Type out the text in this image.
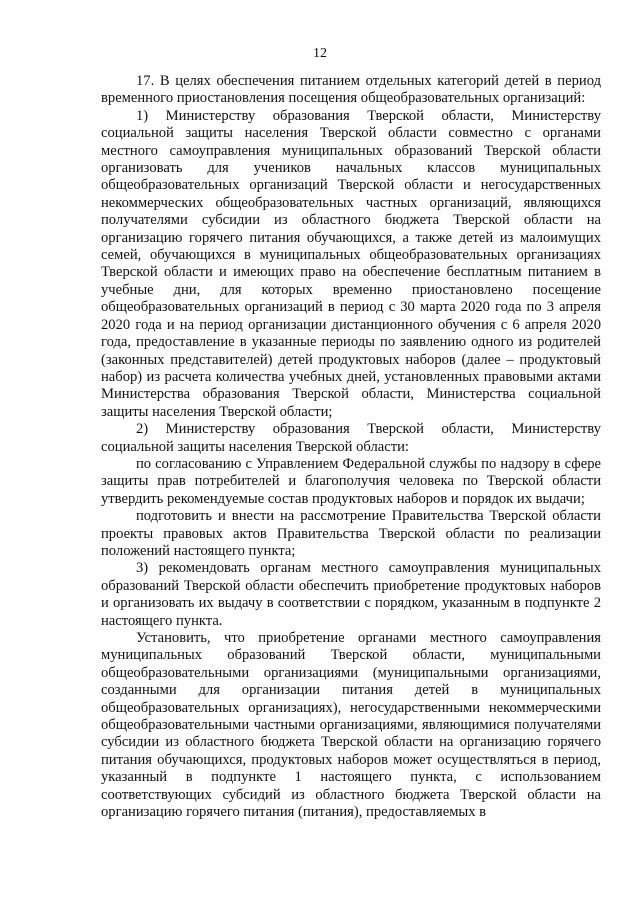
12

17. В целях обеспечения питанием отдельных категорий детей в период временного приостановления посещения общеобразовательных организаций:

1) Министерству образования Тверской области, Министерству социальной защиты населения Тверской области совместно с органами местного самоуправления муниципальных образований Тверской области организовать для учеников начальных классов муниципальных общеобразовательных организаций Тверской области и негосударственных некоммерческих общеобразовательных частных организаций, являющихся получателями субсидии из областного бюджета Тверской области на организацию горячего питания обучающихся, а также детей из малоимущих семей, обучающихся в муниципальных общеобразовательных организациях Тверской области и имеющих право на обеспечение бесплатным питанием в учебные дни, для которых временно приостановлено посещение общеобразовательных организаций в период с 30 марта 2020 года по 3 апреля 2020 года и на период организации дистанционного обучения с 6 апреля 2020 года, предоставление в указанные периоды по заявлению одного из родителей (законных представителей) детей продуктовых наборов (далее – продуктовый набор) из расчета количества учебных дней, установленных правовыми актами Министерства образования Тверской области, Министерства социальной защиты населения Тверской области;

2) Министерству образования Тверской области, Министерству социальной защиты населения Тверской области:

по согласованию с Управлением Федеральной службы по надзору в сфере защиты прав потребителей и благополучия человека по Тверской области утвердить рекомендуемые состав продуктовых наборов и порядок их выдачи;

подготовить и внести на рассмотрение Правительства Тверской области проекты правовых актов Правительства Тверской области по реализации положений настоящего пункта;

3) рекомендовать органам местного самоуправления муниципальных образований Тверской области обеспечить приобретение продуктовых наборов и организовать их выдачу в соответствии с порядком, указанным в подпункте 2 настоящего пункта.

Установить, что приобретение органами местного самоуправления муниципальных образований Тверской области, муниципальными общеобразовательными организациями (муниципальными организациями, созданными для организации питания детей в муниципальных общеобразовательных организациях), негосударственными некоммерческими общеобразовательными частными организациями, являющимися получателями субсидии из областного бюджета Тверской области на организацию горячего питания обучающихся, продуктовых наборов может осуществляться в период, указанный в подпункте 1 настоящего пункта, с использованием соответствующих субсидий из областного бюджета Тверской области на организацию горячего питания (питания), предоставляемых в
